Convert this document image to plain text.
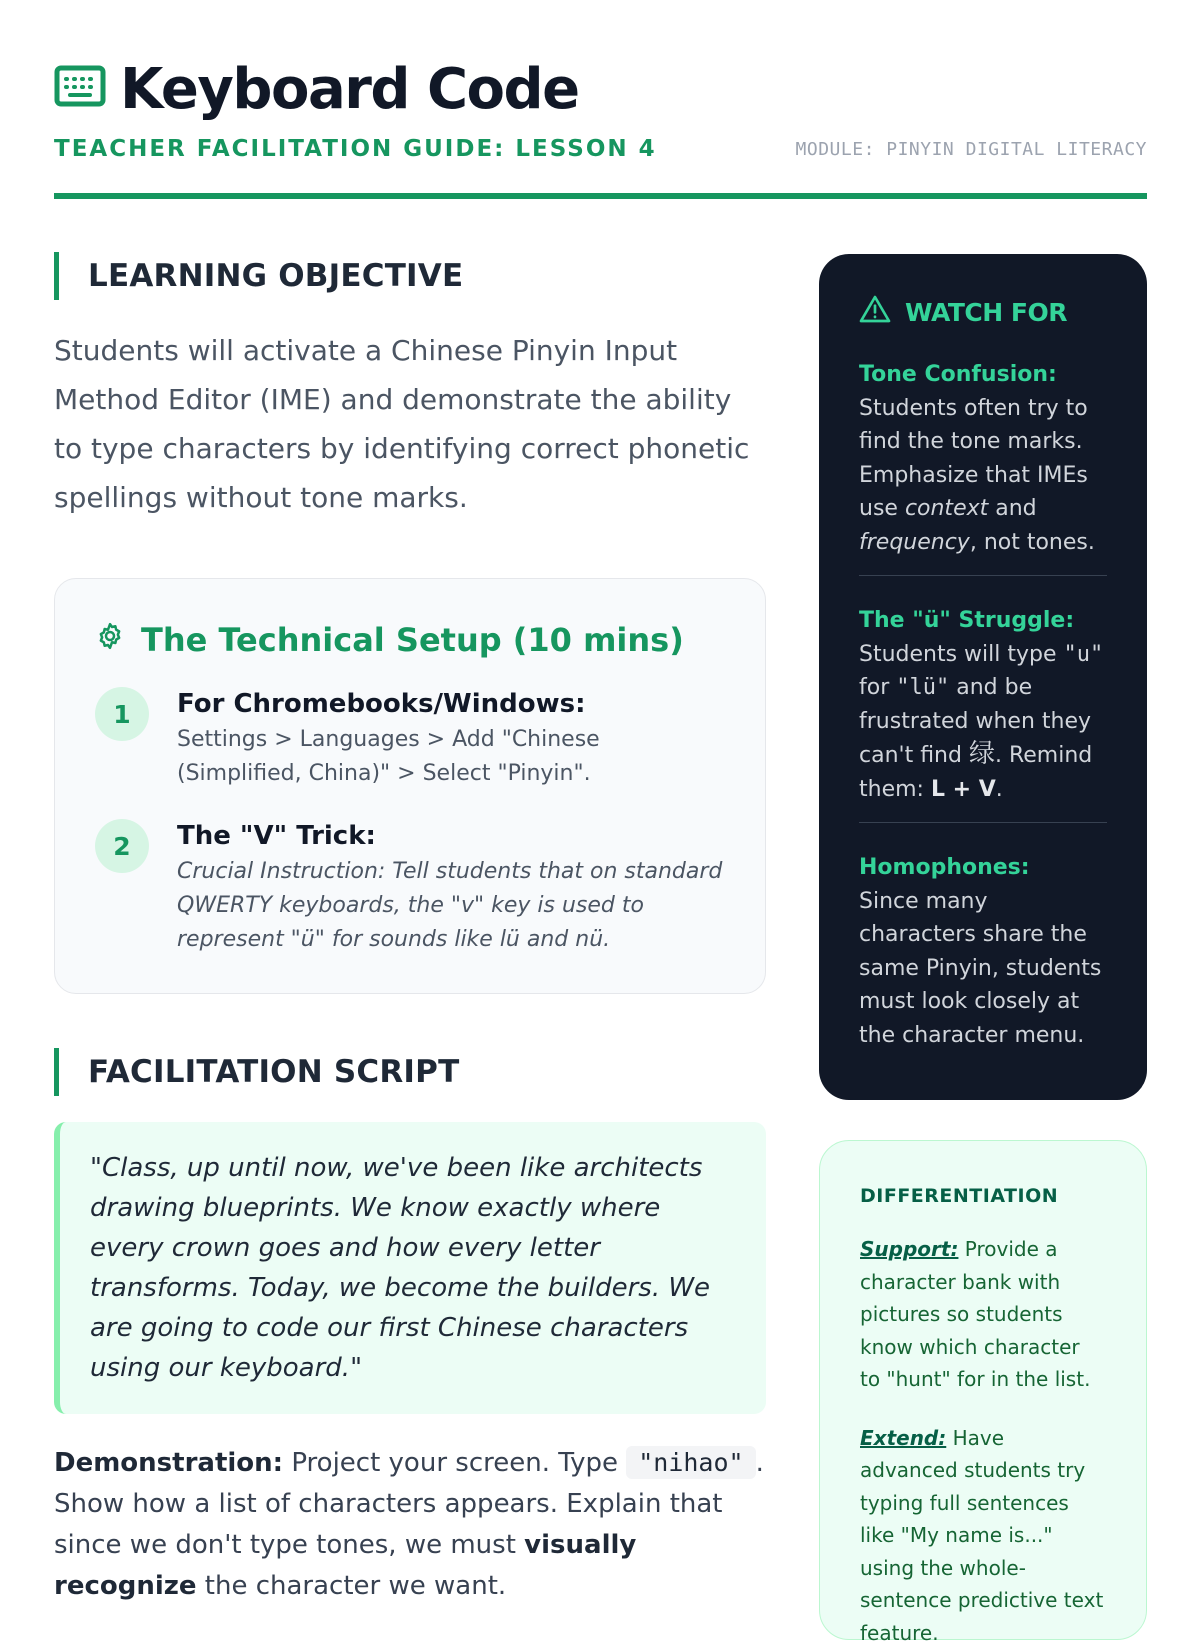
Keyboard Code
TEACHER FACILITATION GUIDE: LESSON 4	MODULE: PINYIN DIGITAL LITERACY
LEARNING OBJECTIVE

Students will activate a Chinese Pinyin Input Method Editor (IME) and demonstrate the ability to type characters by identifying correct phonetic spellings without tone marks.

The Technical Setup (10 mins)
1	For Chromebooks/Windows:
Settings > Languages > Add "Chinese (Simplified, China)" > Select "Pinyin".
2	The "V" Trick:
Crucial Instruction: Tell students that on standard QWERTY keyboards, the "v" key is used to represent "ü" for sounds like lü and nü.
FACILITATION SCRIPT
"Class, up until now, we've been like architects drawing blueprints. We know exactly where every crown goes and how every letter transforms. Today, we become the builders. We are going to code our first Chinese characters using our keyboard."

Demonstration: Project your screen. Type "nihao" . Show how a list of characters appears. Explain that since we don't type tones, we must visually recognize the character we want.

WATCH FOR
Tone Confusion:
Students often try to find the tone marks. Emphasize that IMEs use context and frequency, not tones.
The "ü" Struggle:
Students will type "u" for "lü" and be frustrated when they can't find 绿. Remind them: L + V.
Homophones:
Since many characters share the same Pinyin, students must look closely at the character menu.
DIFFERENTIATION

Support: Provide a character bank with pictures so students know which character to "hunt" for in the list.

Extend: Have advanced students try typing full sentences like "My name is..." using the whole-sentence predictive text feature.
